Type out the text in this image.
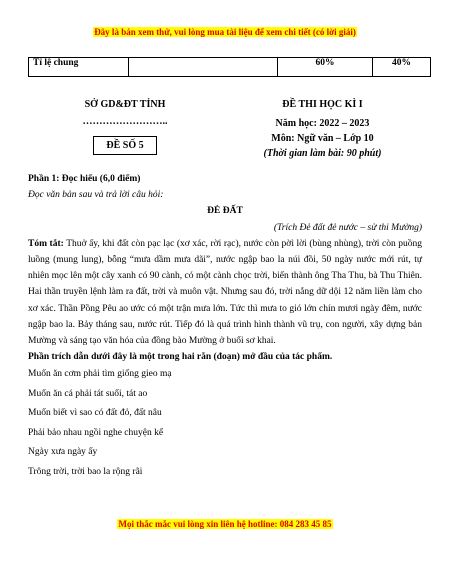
Đây là bản xem thử, vui lòng mua tài liệu để xem chi tiết (có lời giải)
Tỉ lệ chung		60%	40%
SỞ GD&ĐT TỈNH
……………………..
ĐỀ SỐ 5
ĐỀ THI HỌC KÌ I
Năm học: 2022 – 2023
Môn: Ngữ văn – Lớp 10
(Thời gian làm bài: 90 phút)

Phần 1: Đọc hiểu (6,0 điểm)

Đọc văn bản sau và trả lời câu hỏi:

ĐẺ ĐẤT

(Trích Đẻ đất đẻ nước – sử thi Mường)

Tóm tắt: Thuở ấy, khi đất còn pạc lạc (xơ xác, rời rạc), nước còn pờì lời (bùng nhùng), trời còn puồng luồng (mung lung), bỗng “mưa dầm mưa dãi”, nước ngập bao la núi đồi, 50 ngày nước mới rút, tự nhiên mọc lên một cây xanh có 90 cành, có một cành chọc trời, biến thành ông Tha Thu, bà Thu Thiên. Hai thần truyền lệnh làm ra đất, trời và muôn vật. Nhưng sau đó, trời nắng dữ dội 12 năm liền làm cho xơ xác. Thần Pồng Pêu ao ước có một trận mưa lớn. Tức thì mưa to gió lớn chín mươi ngày đêm, nước ngập bao la. Bảy tháng sau, nước rút. Tiếp đó là quá trình hình thành vũ trụ, con người, xây dựng bản Mường và sáng tạo văn hóa của đồng bào Mường ở buổi sơ khai.

Phần trích dẫn dưới đây là một trong hai rằn (đoạn) mở đầu của tác phẩm.

Muốn ăn cơm phải tìm giống gieo mạ

Muốn ăn cá phải tát suối, tát ao

Muốn biết vì sao có đất đỏ, đất nâu

Phải bảo nhau ngồi nghe chuyện kể

Ngày xưa ngày ấy

Trông trời, trời bao la rộng rãi

Mọi thắc mắc vui lòng xin liên hệ hotline: 084 283 45 85
